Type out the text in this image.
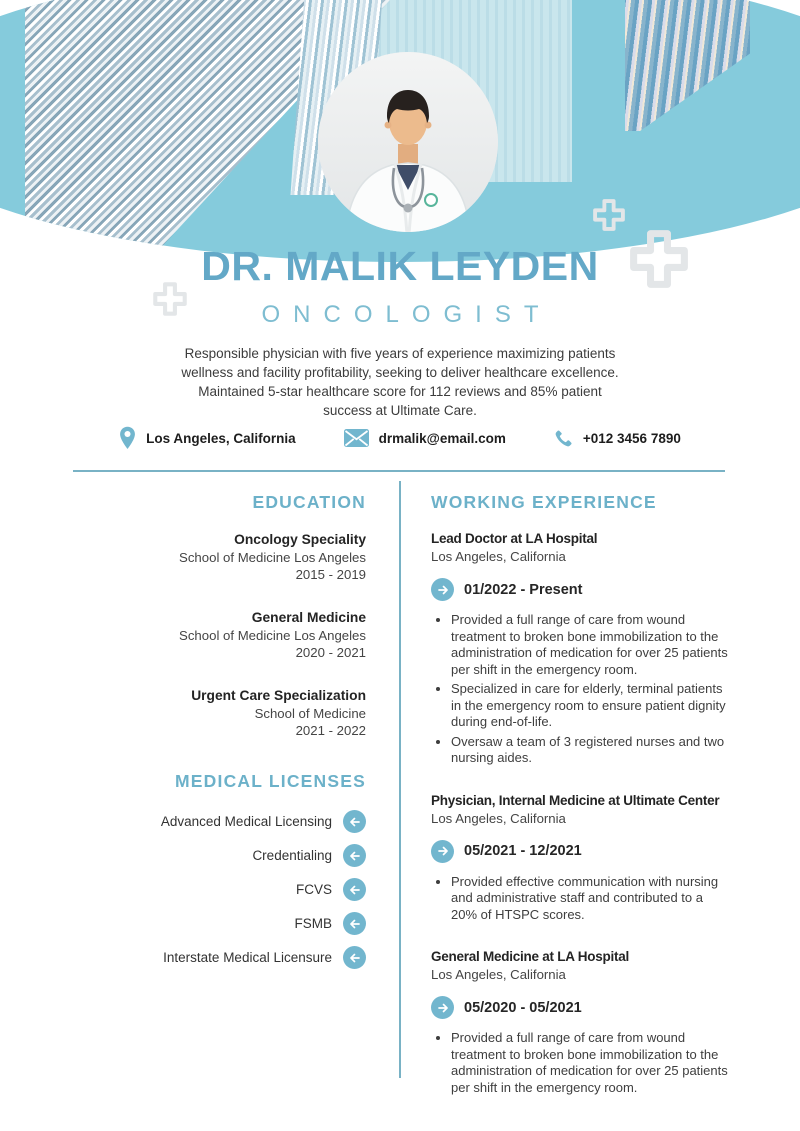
DR. MALIK LEYDEN
ONCOLOGIST

Responsible physician with five years of experience maximizing patients wellness and facility profitability, seeking to deliver healthcare excellence. Maintained 5-star healthcare score for 112 reviews and 85% patient success at Ultimate Care.

Los Angeles, California	drmalik@email.com	+012 3456 7890
EDUCATION
Oncology Speciality
School of Medicine Los Angeles
2015 - 2019
General Medicine
School of Medicine Los Angeles
2020 - 2021
Urgent Care Specialization
School of Medicine
2021 - 2022
MEDICAL LICENSES
Advanced Medical Licensing
Credentialing
FCVS
FSMB
Interstate Medical Licensure
WORKING EXPERIENCE
Lead Doctor at LA Hospital
Los Angeles, California
01/2022 - Present
• Provided a full range of care from wound treatment to broken bone immobilization to the administration of medication for over 25 patients per shift in the emergency room.
• Specialized in care for elderly, terminal patients in the emergency room to ensure patient dignity during end-of-life.
• Oversaw a team of 3 registered nurses and two nursing aides.
Physician, Internal Medicine at Ultimate Center
Los Angeles, California
05/2021 - 12/2021
• Provided effective communication with nursing and administrative staff and contributed to a 20% of HTSPC scores.
General Medicine at LA Hospital
Los Angeles, California
05/2020 - 05/2021
• Provided a full range of care from wound treatment to broken bone immobilization to the administration of medication for over 25 patients per shift in the emergency room.
